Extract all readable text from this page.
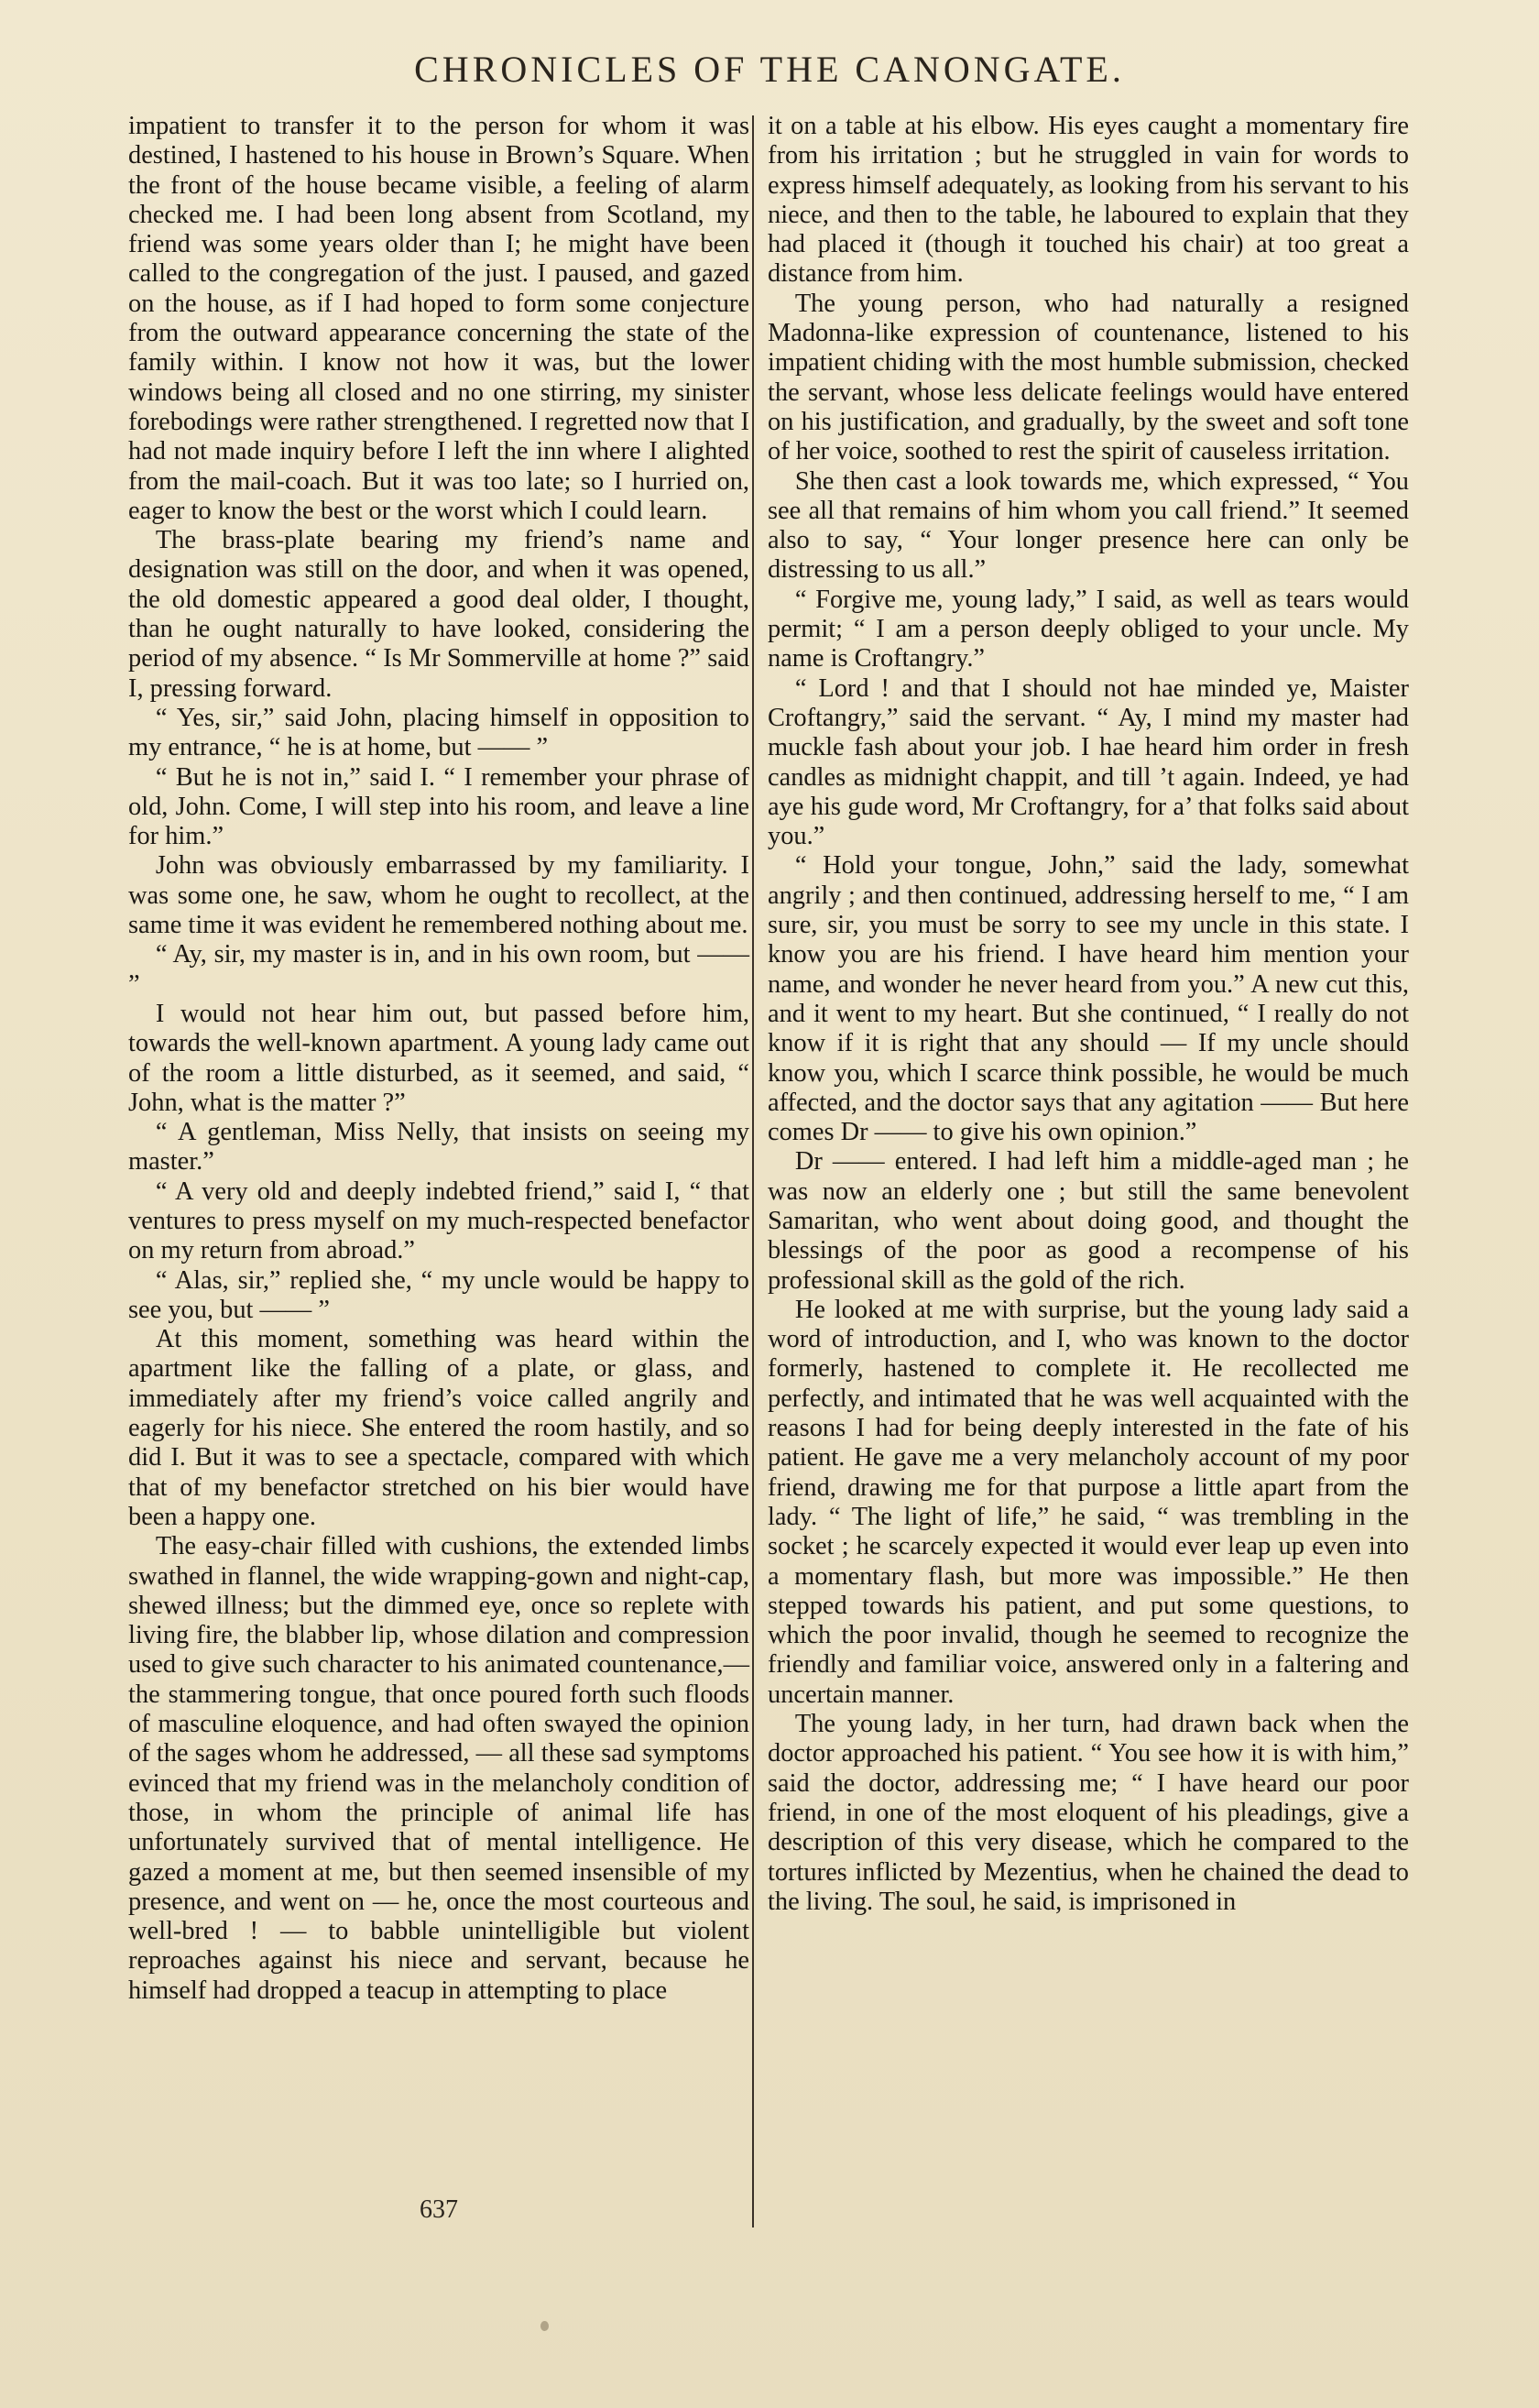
CHRONICLES OF THE CANONGATE.

impatient to transfer it to the person for whom it was destined, I hastened to his house in Brown’s Square. When the front of the house became visible, a feeling of alarm checked me. I had been long absent from Scotland, my friend was some years older than I; he might have been called to the congregation of the just. I paused, and gazed on the house, as if I had hoped to form some conjecture from the outward appearance concerning the state of the family within. I know not how it was, but the lower windows being all closed and no one stirring, my sinister forebodings were rather strengthened. I regretted now that I had not made inquiry before I left the inn where I alighted from the mail-coach. But it was too late; so I hurried on, eager to know the best or the worst which I could learn.

The brass-plate bearing my friend’s name and designation was still on the door, and when it was opened, the old domestic appeared a good deal older, I thought, than he ought naturally to have looked, considering the period of my absence. “ Is Mr Sommerville at home ?” said I, pressing forward.

“ Yes, sir,” said John, placing himself in opposition to my entrance, “ he is at home, but —— ”

“ But he is not in,” said I. “ I remember your phrase of old, John. Come, I will step into his room, and leave a line for him.”

John was obviously embarrassed by my familiarity. I was some one, he saw, whom he ought to recollect, at the same time it was evident he remembered nothing about me.

“ Ay, sir, my master is in, and in his own room, but —— ”

I would not hear him out, but passed before him, towards the well-known apartment. A young lady came out of the room a little disturbed, as it seemed, and said, “ John, what is the matter ?”

“ A gentleman, Miss Nelly, that insists on seeing my master.”

“ A very old and deeply indebted friend,” said I, “ that ventures to press myself on my much-respected benefactor on my return from abroad.”

“ Alas, sir,” replied she, “ my uncle would be happy to see you, but —— ”

At this moment, something was heard within the apartment like the falling of a plate, or glass, and immediately after my friend’s voice called angrily and eagerly for his niece. She entered the room hastily, and so did I. But it was to see a spectacle, compared with which that of my benefactor stretched on his bier would have been a happy one.

The easy-chair filled with cushions, the extended limbs swathed in flannel, the wide wrapping-gown and night-cap, shewed illness; but the dimmed eye, once so replete with living fire, the blabber lip, whose dilation and compression used to give such character to his animated countenance,—the stammering tongue, that once poured forth such floods of masculine eloquence, and had often swayed the opinion of the sages whom he addressed, — all these sad symptoms evinced that my friend was in the melancholy condition of those, in whom the principle of animal life has unfortunately survived that of mental intelligence. He gazed a moment at me, but then seemed insensible of my presence, and went on — he, once the most courteous and well-bred ! — to babble unintelligible but violent reproaches against his niece and servant, because he himself had dropped a teacup in attempting to place

it on a table at his elbow. His eyes caught a momentary fire from his irritation ; but he struggled in vain for words to express himself adequately, as looking from his servant to his niece, and then to the table, he laboured to explain that they had placed it (though it touched his chair) at too great a distance from him.

The young person, who had naturally a resigned Madonna-like expression of countenance, listened to his impatient chiding with the most humble submission, checked the servant, whose less delicate feelings would have entered on his justification, and gradually, by the sweet and soft tone of her voice, soothed to rest the spirit of causeless irritation.

She then cast a look towards me, which expressed, “ You see all that remains of him whom you call friend.” It seemed also to say, “ Your longer presence here can only be distressing to us all.”

“ Forgive me, young lady,” I said, as well as tears would permit; “ I am a person deeply obliged to your uncle. My name is Croftangry.”

“ Lord ! and that I should not hae minded ye, Maister Croftangry,” said the servant. “ Ay, I mind my master had muckle fash about your job. I hae heard him order in fresh candles as midnight chappit, and till ’t again. Indeed, ye had aye his gude word, Mr Croftangry, for a’ that folks said about you.”

“ Hold your tongue, John,” said the lady, somewhat angrily ; and then continued, addressing herself to me, “ I am sure, sir, you must be sorry to see my uncle in this state. I know you are his friend. I have heard him mention your name, and wonder he never heard from you.” A new cut this, and it went to my heart. But she continued, “ I really do not know if it is right that any should — If my uncle should know you, which I scarce think possible, he would be much affected, and the doctor says that any agitation —— But here comes Dr —— to give his own opinion.”

Dr —— entered. I had left him a middle-aged man ; he was now an elderly one ; but still the same benevolent Samaritan, who went about doing good, and thought the blessings of the poor as good a recompense of his professional skill as the gold of the rich.

He looked at me with surprise, but the young lady said a word of introduction, and I, who was known to the doctor formerly, hastened to complete it. He recollected me perfectly, and intimated that he was well acquainted with the reasons I had for being deeply interested in the fate of his patient. He gave me a very melancholy account of my poor friend, drawing me for that purpose a little apart from the lady. “ The light of life,” he said, “ was trembling in the socket ; he scarcely expected it would ever leap up even into a momentary flash, but more was impossible.” He then stepped towards his patient, and put some questions, to which the poor invalid, though he seemed to recognize the friendly and familiar voice, answered only in a faltering and uncertain manner.

The young lady, in her turn, had drawn back when the doctor approached his patient. “ You see how it is with him,” said the doctor, addressing me; “ I have heard our poor friend, in one of the most eloquent of his pleadings, give a description of this very disease, which he compared to the tortures inflicted by Mezentius, when he chained the dead to the living. The soul, he said, is imprisoned in

637
